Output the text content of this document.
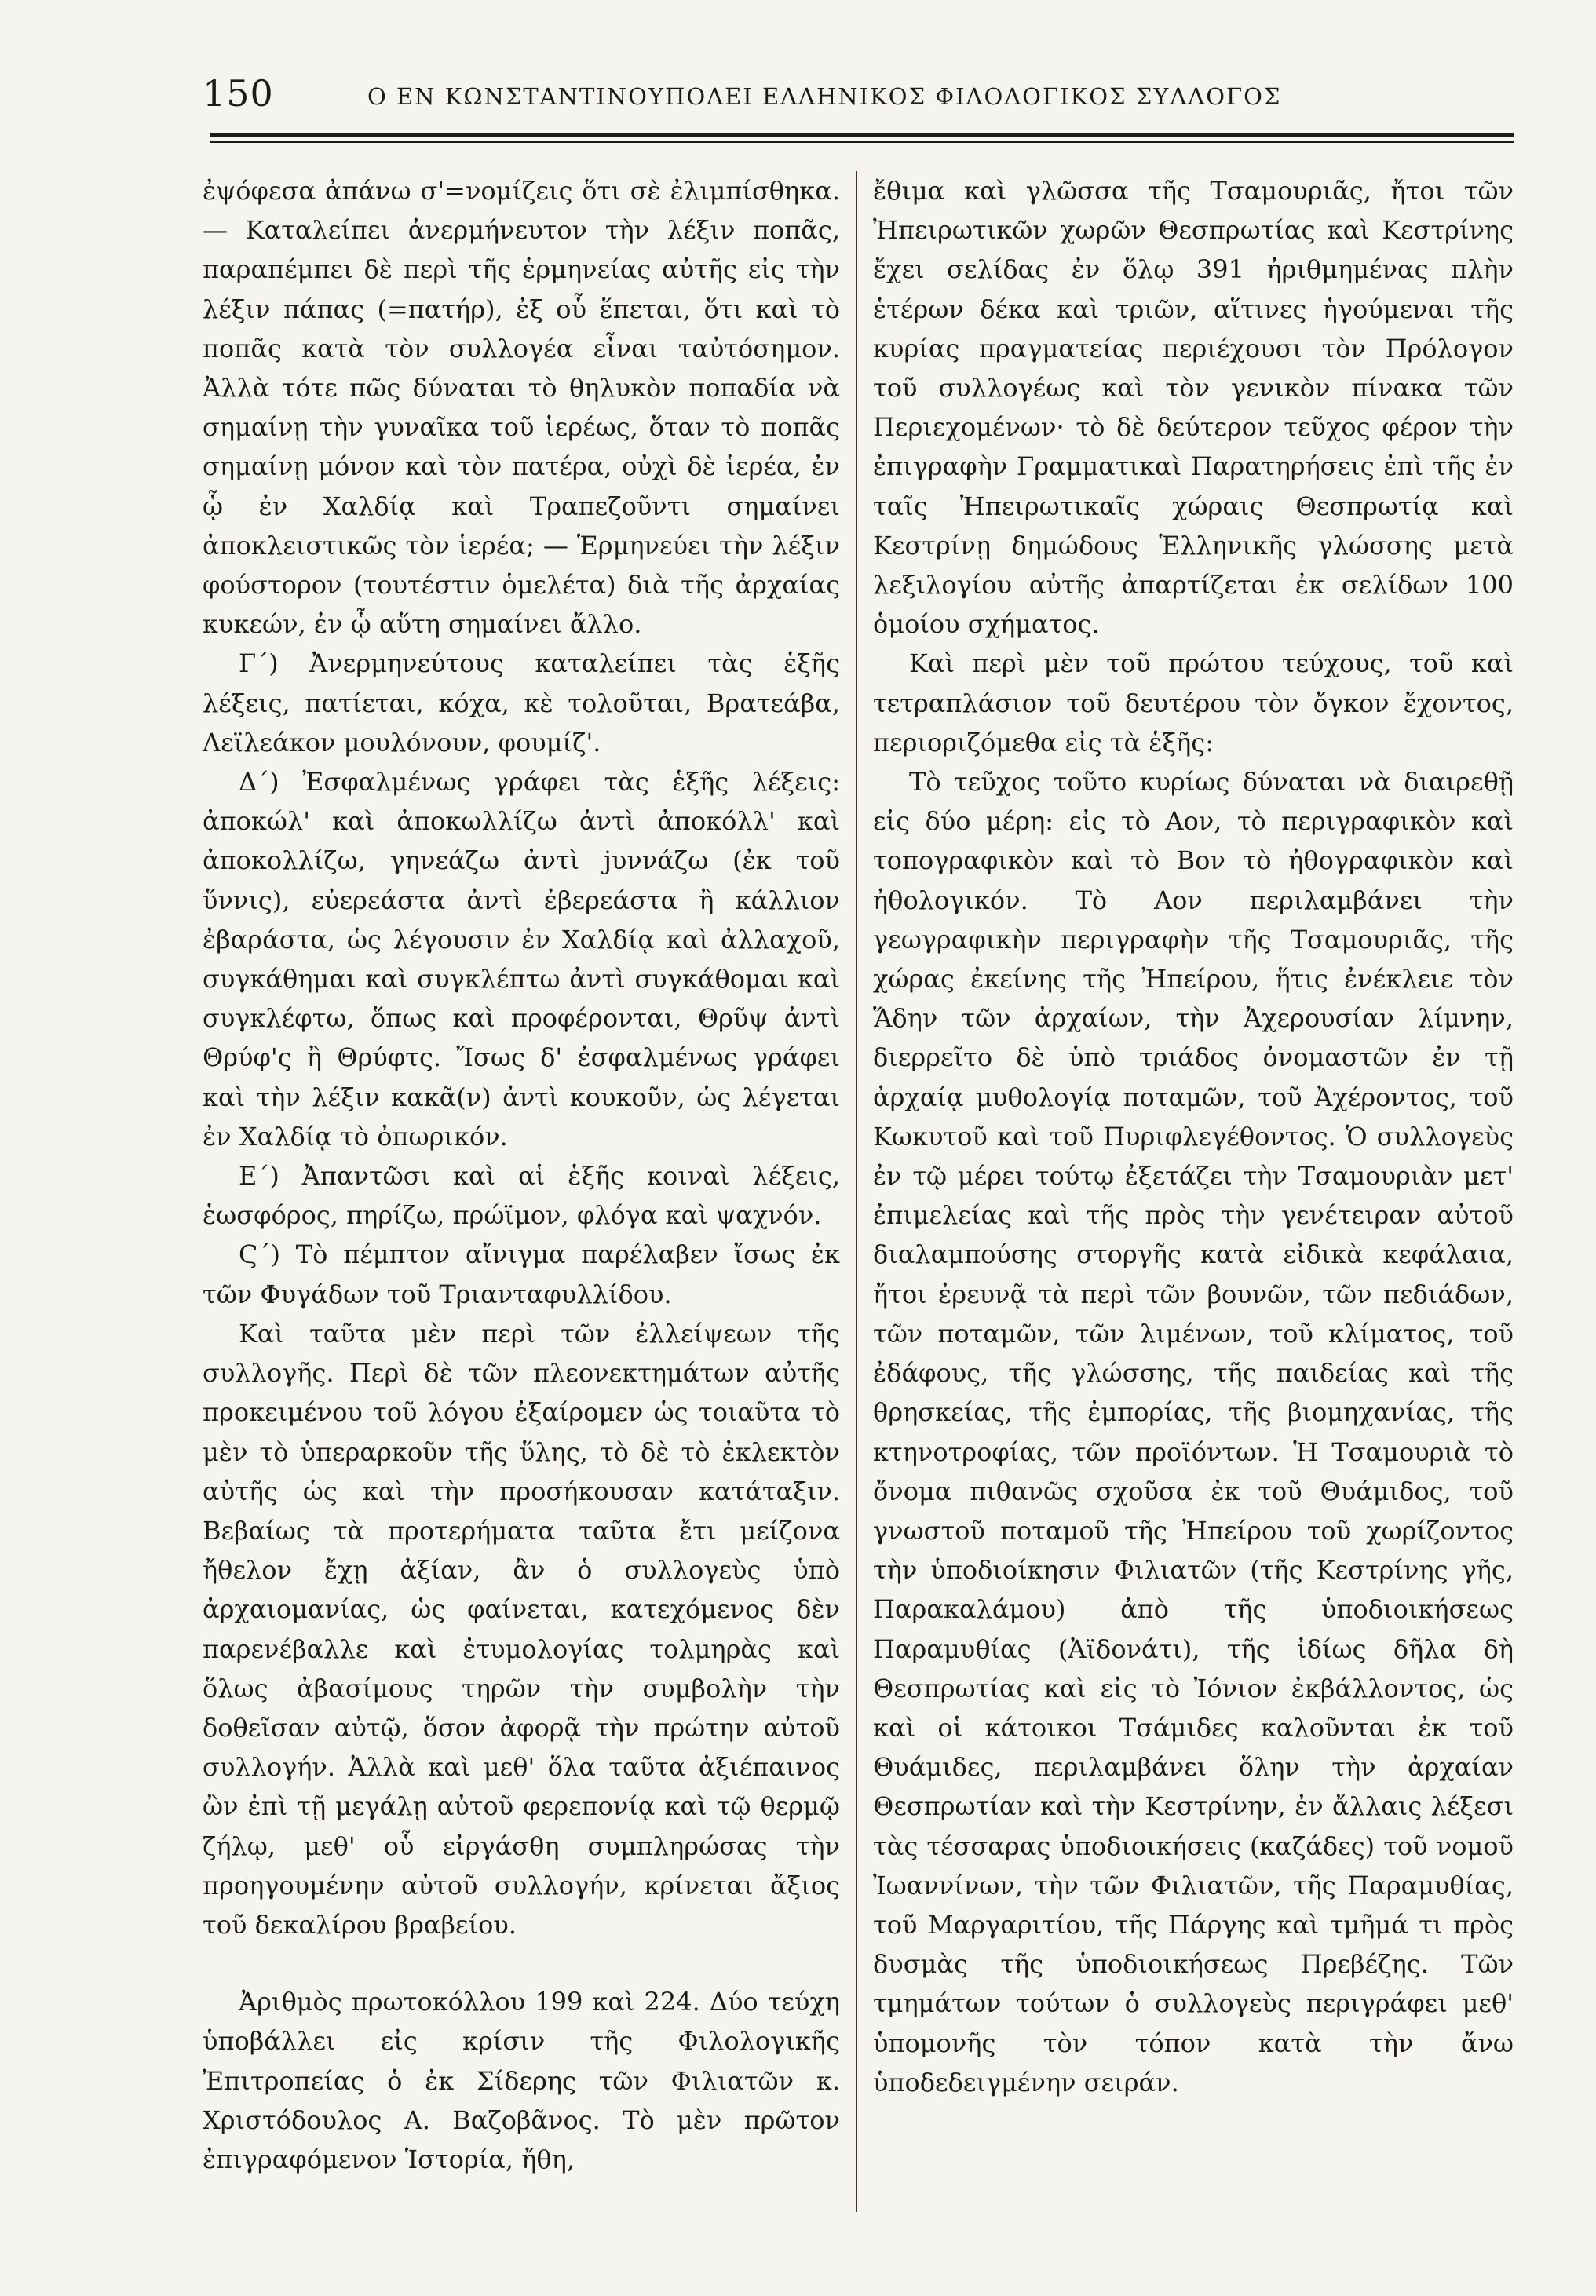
150	Ο ΕΝ ΚΩΝΣΤΑΝΤΙΝΟΥΠΟΛΕΙ ΕΛΛΗΝΙΚΟΣ ΦΙΛΟΛΟΓΙΚΟΣ ΣΥΛΛΟΓΟΣ

ἐψόφεσα ἀπάνω σ'=νομίζεις ὅτι σὲ ἐλιμπίσθηκα. — Καταλείπει ἀνερμήνευτον τὴν λέξιν ποπᾶς, παραπέμπει δὲ περὶ τῆς ἑρμηνείας αὐτῆς εἰς τὴν λέξιν πάπας (=πατήρ), ἐξ οὗ ἕπεται, ὅτι καὶ τὸ ποπᾶς κατὰ τὸν συλλογέα εἶναι ταὐτόσημον. Ἀλλὰ τότε πῶς δύναται τὸ θηλυκὸν ποπαδία νὰ σημαίνῃ τὴν γυναῖκα τοῦ ἱερέως, ὅταν τὸ ποπᾶς σημαίνῃ μόνον καὶ τὸν πατέρα, οὐχὶ δὲ ἱερέα, ἐν ᾧ ἐν Χαλδίᾳ καὶ Τραπεζοῦντι σημαίνει ἀποκλειστικῶς τὸν ἱερέα; — Ἑρμηνεύει τὴν λέξιν φούστορον (τουτέστιν ὁμελέτα) διὰ τῆς ἀρχαίας κυκεών, ἐν ᾧ αὕτη σημαίνει ἄλλο.

Γ´) Ἀνερμηνεύτους καταλείπει τὰς ἑξῆς λέξεις, πατίεται, κόχα, κὲ τολοῦται, Βρατεάβα, Λεϊλεάκον μουλόνουν, φουμίζ'.

Δ´) Ἐσφαλμένως γράφει τὰς ἑξῆς λέξεις: ἀποκώλ' καὶ ἀποκωλλίζω ἀντὶ ἀποκόλλ' καὶ ἀποκολλίζω, γηνεάζω ἀντὶ jυννάζω (ἐκ τοῦ ὕννις), εὐερεάστα ἀντὶ ἐβερεάστα ἢ κάλλιον ἐβαράστα, ὡς λέγουσιν ἐν Χαλδίᾳ καὶ ἀλλαχοῦ, συγκάθημαι καὶ συγκλέπτω ἀντὶ συγκάθομαι καὶ συγκλέφτω, ὅπως καὶ προφέρονται, Θρῦψ ἀντὶ Θρύφ'ς ἢ Θρύφτς. Ἴσως δ' ἐσφαλμένως γράφει καὶ τὴν λέξιν κακᾶ(ν) ἀντὶ κουκοῦν, ὡς λέγεται ἐν Χαλδίᾳ τὸ ὀπωρικόν.

Ε´) Ἀπαντῶσι καὶ αἱ ἑξῆς κοιναὶ λέξεις, ἑωσφόρος, πηρίζω, πρώϊμον, φλόγα καὶ ψαχνόν.

Ϛ´) Τὸ πέμπτον αἴνιγμα παρέλαβεν ἴσως ἐκ τῶν Φυγάδων τοῦ Τριανταφυλλίδου.

Καὶ ταῦτα μὲν περὶ τῶν ἐλλείψεων τῆς συλλογῆς. Περὶ δὲ τῶν πλεονεκτημάτων αὐτῆς προκειμένου τοῦ λόγου ἐξαίρομεν ὡς τοιαῦτα τὸ μὲν τὸ ὑπεραρκοῦν τῆς ὕλης, τὸ δὲ τὸ ἐκλεκτὸν αὐτῆς ὡς καὶ τὴν προσήκουσαν κατάταξιν. Βεβαίως τὰ προτερήματα ταῦτα ἔτι μείζονα ἤθελον ἔχῃ ἀξίαν, ἂν ὁ συλλογεὺς ὑπὸ ἀρχαιομανίας, ὡς φαίνεται, κατεχόμενος δὲν παρενέβαλλε καὶ ἐτυμολογίας τολμηρὰς καὶ ὅλως ἀβασίμους τηρῶν τὴν συμβολὴν τὴν δοθεῖσαν αὐτῷ, ὅσον ἀφορᾷ τὴν πρώτην αὐτοῦ συλλογήν. Ἀλλὰ καὶ μεθ' ὅλα ταῦτα ἀξιέπαινος ὢν ἐπὶ τῇ μεγάλῃ αὐτοῦ φερεπονίᾳ καὶ τῷ θερμῷ ζήλῳ, μεθ' οὗ εἰργάσθη συμπληρώσας τὴν προηγουμένην αὐτοῦ συλλογήν, κρίνεται ἄξιος τοῦ δεκαλίρου βραβείου.

Ἀριθμὸς πρωτοκόλλου 199 καὶ 224. Δύο τεύχη ὑποβάλλει εἰς κρίσιν τῆς Φιλολογικῆς Ἐπιτροπείας ὁ ἐκ Σίδερης τῶν Φιλιατῶν κ. Χριστόδουλος Α. Βαζοβᾶνος. Τὸ μὲν πρῶτον ἐπιγραφόμενον Ἱστορία, ἤθη,

ἔθιμα καὶ γλῶσσα τῆς Τσαμουριᾶς, ἤτοι τῶν Ἠπειρωτικῶν χωρῶν Θεσπρωτίας καὶ Κεστρίνης ἔχει σελίδας ἐν ὅλῳ 391 ἠριθμημένας πλὴν ἑτέρων δέκα καὶ τριῶν, αἵτινες ἡγούμεναι τῆς κυρίας πραγματείας περιέχουσι τὸν Πρόλογον τοῦ συλλογέως καὶ τὸν γενικὸν πίνακα τῶν Περιεχομένων· τὸ δὲ δεύτερον τεῦχος φέρον τὴν ἐπιγραφὴν Γραμματικαὶ Παρατηρήσεις ἐπὶ τῆς ἐν ταῖς Ἠπειρωτικαῖς χώραις Θεσπρωτίᾳ καὶ Κεστρίνῃ δημώδους Ἑλληνικῆς γλώσσης μετὰ λεξιλογίου αὐτῆς ἀπαρτίζεται ἐκ σελίδων 100 ὁμοίου σχήματος.

Καὶ περὶ μὲν τοῦ πρώτου τεύχους, τοῦ καὶ τετραπλάσιον τοῦ δευτέρου τὸν ὄγκον ἔχοντος, περιοριζόμεθα εἰς τὰ ἑξῆς:

Τὸ τεῦχος τοῦτο κυρίως δύναται νὰ διαιρεθῇ εἰς δύο μέρη: εἰς τὸ Αον, τὸ περιγραφικὸν καὶ τοπογραφικὸν καὶ τὸ Βον τὸ ἠθογραφικὸν καὶ ἠθολογικόν. Τὸ Αον περιλαμβάνει τὴν γεωγραφικὴν περιγραφὴν τῆς Τσαμουριᾶς, τῆς χώρας ἐκείνης τῆς Ἠπείρου, ἥτις ἐνέκλειε τὸν Ἅδην τῶν ἀρχαίων, τὴν Ἀχερουσίαν λίμνην, διερρεῖτο δὲ ὑπὸ τριάδος ὀνομαστῶν ἐν τῇ ἀρχαίᾳ μυθολογίᾳ ποταμῶν, τοῦ Ἀχέροντος, τοῦ Κωκυτοῦ καὶ τοῦ Πυριφλεγέθοντος. Ὁ συλλογεὺς ἐν τῷ μέρει τούτῳ ἐξετάζει τὴν Τσαμουριὰν μετ' ἐπιμελείας καὶ τῆς πρὸς τὴν γενέτειραν αὐτοῦ διαλαμπούσης στοργῆς κατὰ εἰδικὰ κεφάλαια, ἤτοι ἐρευνᾷ τὰ περὶ τῶν βουνῶν, τῶν πεδιάδων, τῶν ποταμῶν, τῶν λιμένων, τοῦ κλίματος, τοῦ ἐδάφους, τῆς γλώσσης, τῆς παιδείας καὶ τῆς θρησκείας, τῆς ἐμπορίας, τῆς βιομηχανίας, τῆς κτηνοτροφίας, τῶν προϊόντων. Ἡ Τσαμουριὰ τὸ ὄνομα πιθανῶς σχοῦσα ἐκ τοῦ Θυάμιδος, τοῦ γνωστοῦ ποταμοῦ τῆς Ἠπείρου τοῦ χωρίζοντος τὴν ὑποδιοίκησιν Φιλιατῶν (τῆς Κεστρίνης γῆς, Παρακαλάμου) ἀπὸ τῆς ὑποδιοικήσεως Παραμυθίας (Ἀϊδονάτι), τῆς ἰδίως δῆλα δὴ Θεσπρωτίας καὶ εἰς τὸ Ἰόνιον ἐκβάλλοντος, ὡς καὶ οἱ κάτοικοι Τσάμιδες καλοῦνται ἐκ τοῦ Θυάμιδες, περιλαμβάνει ὅλην τὴν ἀρχαίαν Θεσπρωτίαν καὶ τὴν Κεστρίνην, ἐν ἄλλαις λέξεσι τὰς τέσσαρας ὑποδιοικήσεις (καζάδες) τοῦ νομοῦ Ἰωαννίνων, τὴν τῶν Φιλιατῶν, τῆς Παραμυθίας, τοῦ Μαργαριτίου, τῆς Πάργης καὶ τμῆμά τι πρὸς δυσμὰς τῆς ὑποδιοικήσεως Πρεβέζης. Τῶν τμημάτων τούτων ὁ συλλογεὺς περιγράφει μεθ' ὑπομονῆς τὸν τόπον κατὰ τὴν ἄνω ὑποδεδειγμένην σειράν.
